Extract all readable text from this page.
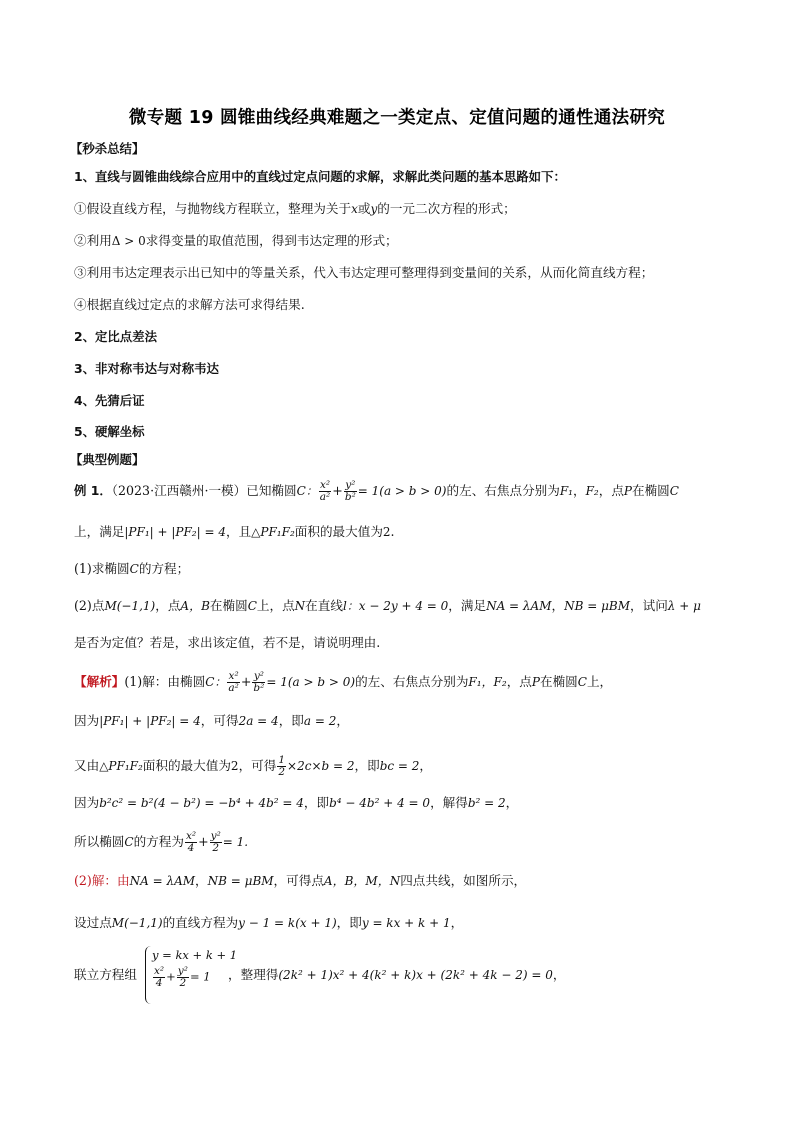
微专题 19 圆锥曲线经典难题之一类定点、定值问题的通性通法研究
【秒杀总结】
1、直线与圆锥曲线综合应用中的直线过定点问题的求解，求解此类问题的基本思路如下：
①假设直线方程，与抛物线方程联立，整理为关于x或y的一元二次方程的形式；
②利用Δ > 0求得变量的取值范围，得到韦达定理的形式；
③利用韦达定理表示出已知中的等量关系，代入韦达定理可整理得到变量间的关系，从而化简直线方程；
④根据直线过定点的求解方法可求得结果.
2、定比点差法
3、非对称韦达与对称韦达
4、先猜后证
5、硬解坐标
【典型例题】
例 1．（2023·江西赣州·一模）已知椭圆C： $\frac{\text{x²}}{\text{a²}} + \frac{\text{y²}}{\text{b²}} = 1(a > b > 0)$的左、右焦点分别为F₁，F₂，点P在椭圆C
上，满足|PF₁| + |PF₂| = 4，且△PF₁F₂面积的最大值为2.
(1)求椭圆C的方程；
(2)点M(−1,1)，点A，B在椭圆C上，点N在直线l：x − 2y + 4 = 0，满足NA = λAM，NB = μBM，试问λ + μ
是否为定值？若是，求出该定值，若不是，请说明理由.
【解析】(1)解：由椭圆C： $\frac{\text{x²}}{\text{a²}} + \frac{\text{y²}}{\text{b²}} = 1(a > b > 0)$的左、右焦点分别为F₁，F₂，点P在椭圆C上，
因为|PF₁| + |PF₂| = 4，可得2a = 4，即a = 2，
又由△PF₁F₂面积的最大值为2，可得 $\frac{1}{2} \times 2c\times b = 2$，即bc = 2，
因为b²c² = b²(4 − b²) = −b⁴ + 4b² = 4，即b⁴ − 4b² + 4 = 0，解得b² = 2，
所以椭圆C的方程为 $\frac{\text{x²}}{4} + \frac{\text{y²}}{2} = 1$.
(2)解：由NA = λAM，NB = μBM，可得点A，B，M，N四点共线，如图所示，
设过点M(−1,1)的直线方程为y − 1 = k(x + 1)，即y = kx + k + 1，
联立方程组
y = kx + k + 1
$\frac{\text{x²}}{4} + \frac{\text{y²}}{2} = 1$ ，整理得(2k² + 1)x² + 4(k² + k)x + (2k² + 4k − 2) = 0，
